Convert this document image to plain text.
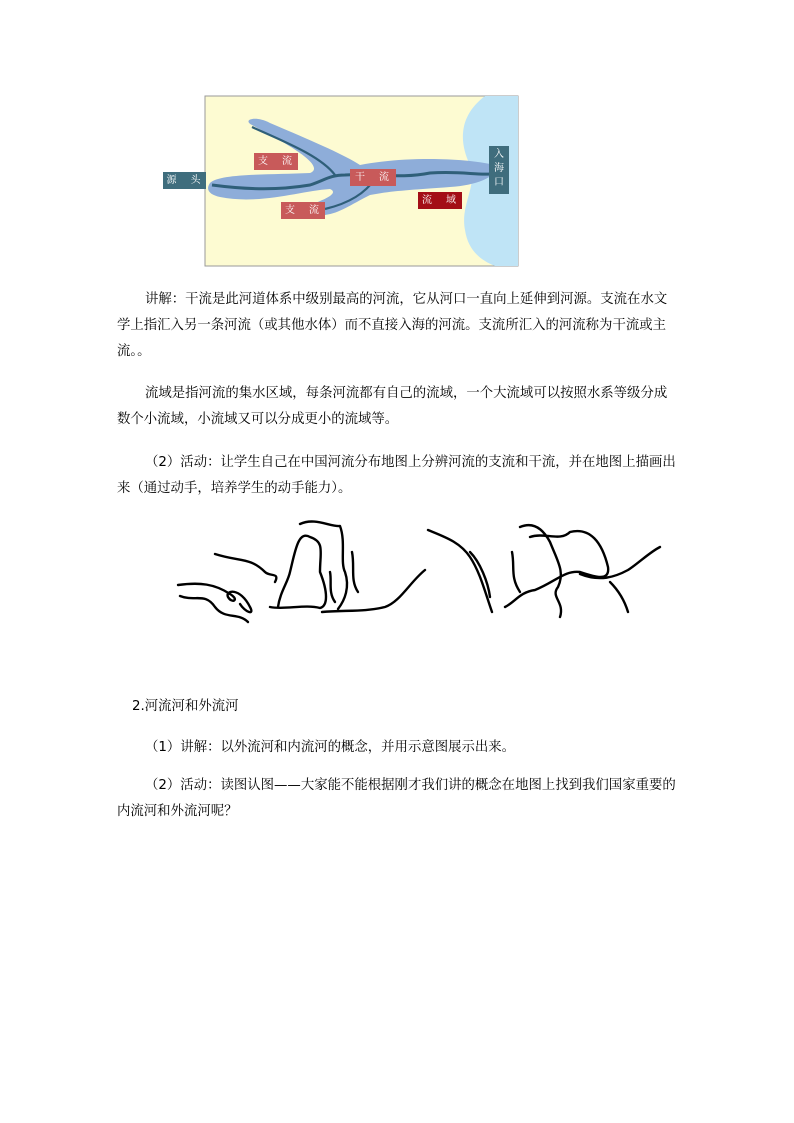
源　头
支　流
支　流
干　流
流　域
入
海
口

讲解：干流是此河道体系中级别最高的河流，它从河口一直向上延伸到河源。支流在水文学上指汇入另一条河流（或其他水体）而不直接入海的河流。支流所汇入的河流称为干流或主流。。

流域是指河流的集水区域，每条河流都有自己的流域，一个大流域可以按照水系等级分成数个小流域，小流域又可以分成更小的流域等。

（2）活动：让学生自己在中国河流分布地图上分辨河流的支流和干流，并在地图上描画出来（通过动手，培养学生的动手能力）。

2.河流河和外流河

（1）讲解：以外流河和内流河的概念，并用示意图展示出来。

（2）活动：读图认图——大家能不能根据刚才我们讲的概念在地图上找到我们国家重要的内流河和外流河呢？
